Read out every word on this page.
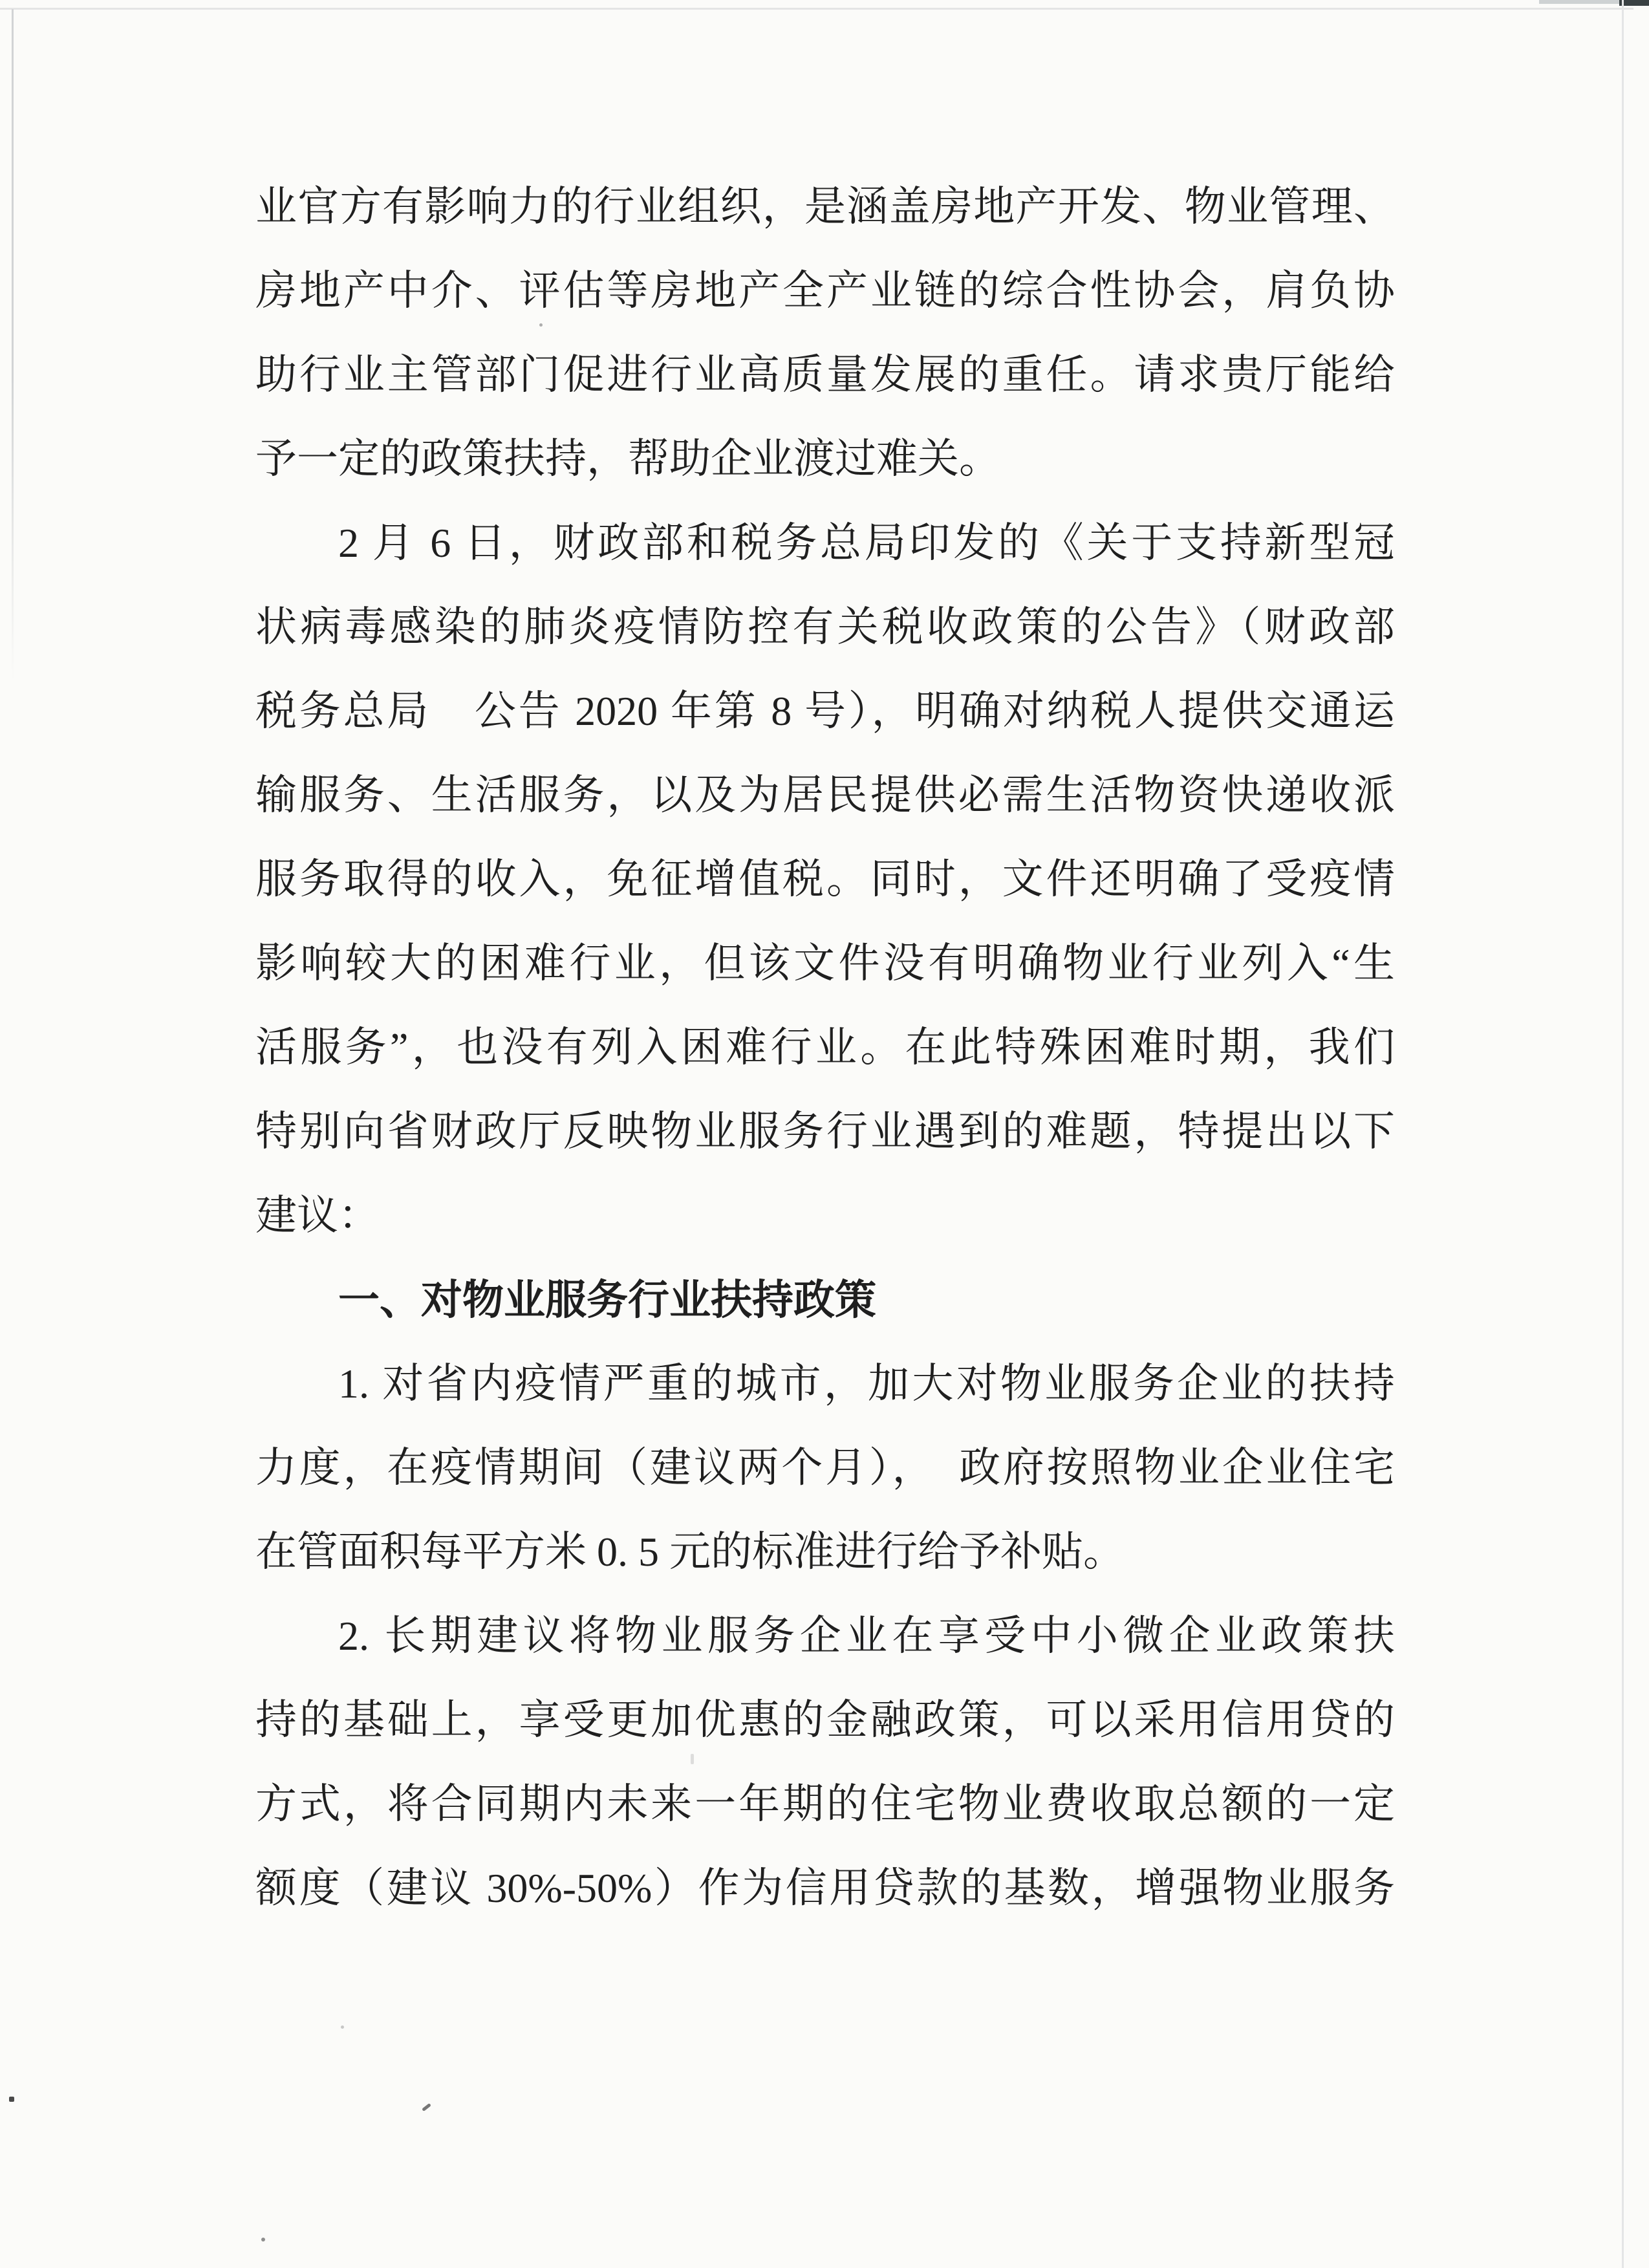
业官方有影响力的行业组织，是涵盖房地产开发、物业管理、
房地产中介、评估等房地产全产业链的综合性协会，肩负协
助行业主管部门促进行业高质量发展的重任。请求贵厅能给
予一定的政策扶持，帮助企业渡过难关。
2 月 6 日，财政部和税务总局印发的《关于支持新型冠
状病毒感染的肺炎疫情防控有关税收政策的公告》（财政部
税务总局　公告 2020 年第 8 号），明确对纳税人提供交通运
输服务、生活服务，以及为居民提供必需生活物资快递收派
服务取得的收入，免征增值税。同时，文件还明确了受疫情
影响较大的困难行业，但该文件没有明确物业行业列入“生
活服务”，也没有列入困难行业。在此特殊困难时期，我们
特别向省财政厅反映物业服务行业遇到的难题，特提出以下
建议：
一、对物业服务行业扶持政策
1. 对省内疫情严重的城市，加大对物业服务企业的扶持
力度，在疫情期间（建议两个月），　政府按照物业企业住宅
在管面积每平方米 0. 5 元的标准进行给予补贴。
2. 长期建议将物业服务企业在享受中小微企业政策扶
持的基础上，享受更加优惠的金融政策，可以采用信用贷的
方式，将合同期内未来一年期的住宅物业费收取总额的一定
额度（建议 30%-50%）作为信用贷款的基数，增强物业服务
